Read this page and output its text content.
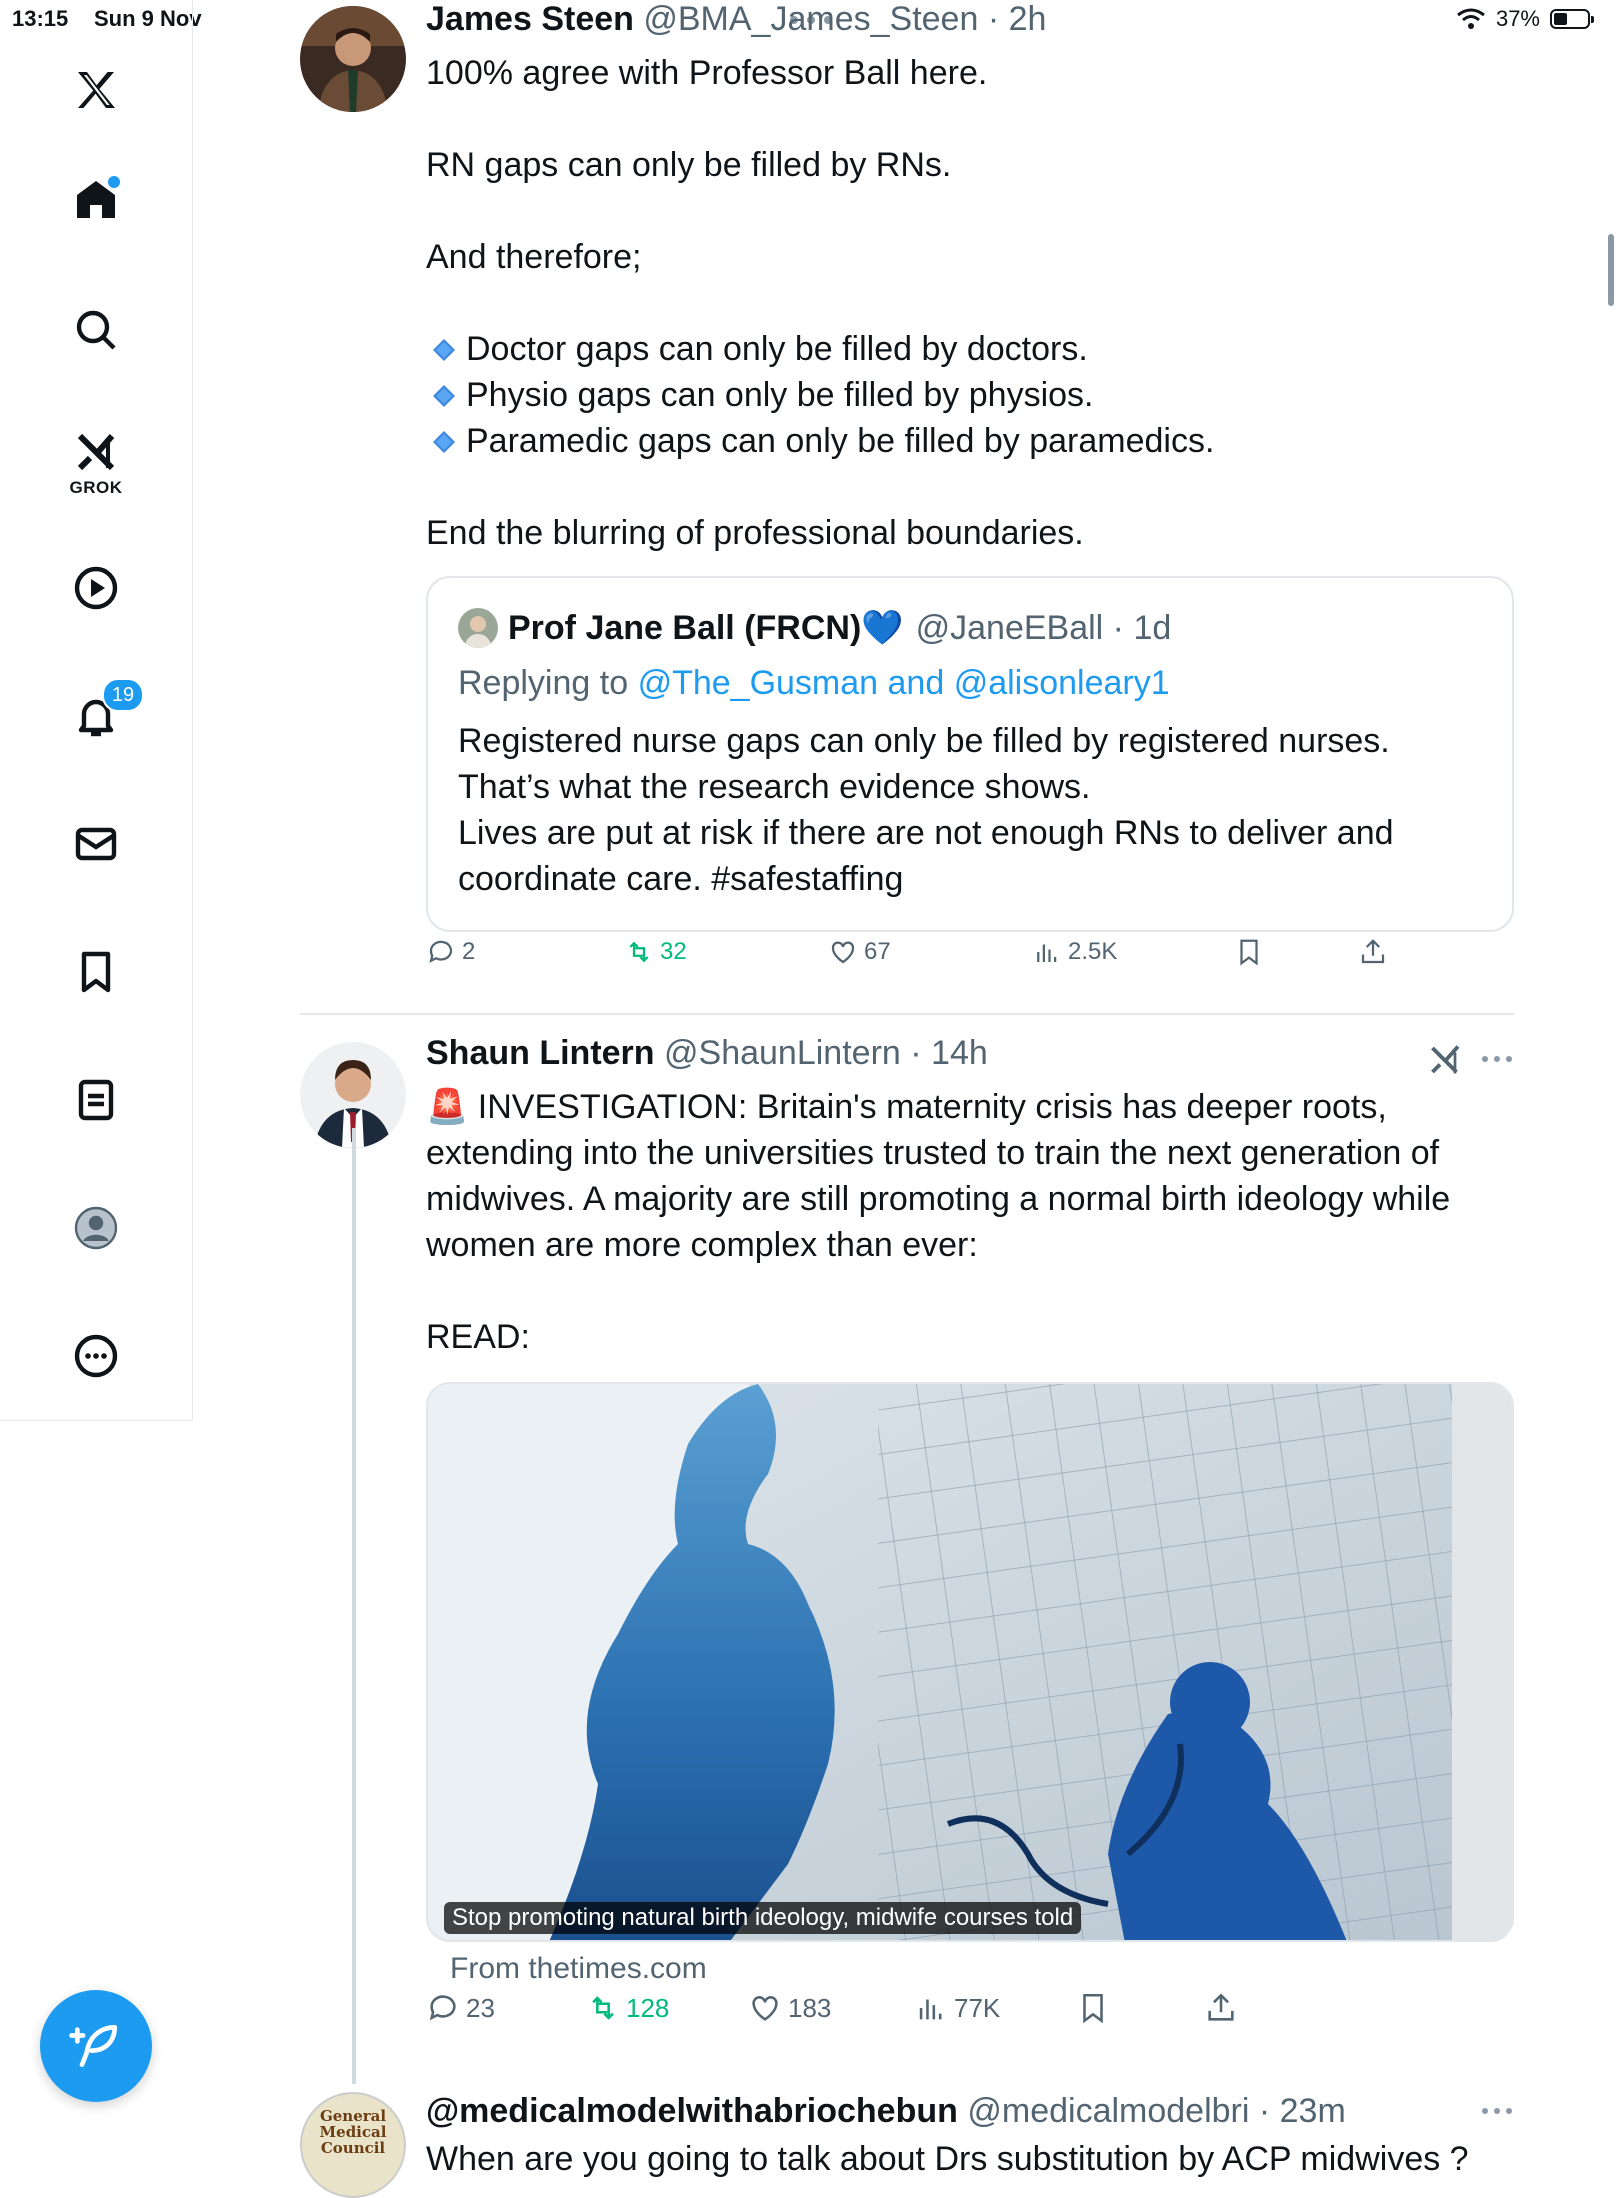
13:15 Sun 9 Nov	37%
GROK
19
James Steen @BMA_James_Steen · 2h

100% agree with Professor Ball here.

RN gaps can only be filled by RNs.

And therefore;

Doctor gaps can only be filled by doctors.

Physio gaps can only be filled by physios.

Paramedic gaps can only be filled by paramedics.

End the blurring of professional boundaries.

Prof Jane Ball (FRCN) 💙 @JaneEBall · 1d
Replying to @The_Gusman and @alisonleary1
Registered nurse gaps can only be filled by registered nurses.
That’s what the research evidence shows.
Lives are put at risk if there are not enough RNs to deliver and
coordinate care. #safestaffing
2	32	67	2.5K
Shaun Lintern @ShaunLintern · 14h

🚨 INVESTIGATION: Britain's maternity crisis has deeper roots,

extending into the universities trusted to train the next generation of

midwives. A majority are still promoting a normal birth ideology while

women are more complex than ever:

READ:

Stop promoting natural birth ideology, midwife courses told
From thetimes.com
23	128	183	77K
General Medical Council
@medicalmodelwithabriochebun @medicalmodelbri · 23m
When are you going to talk about Drs substitution by ACP midwives ?
